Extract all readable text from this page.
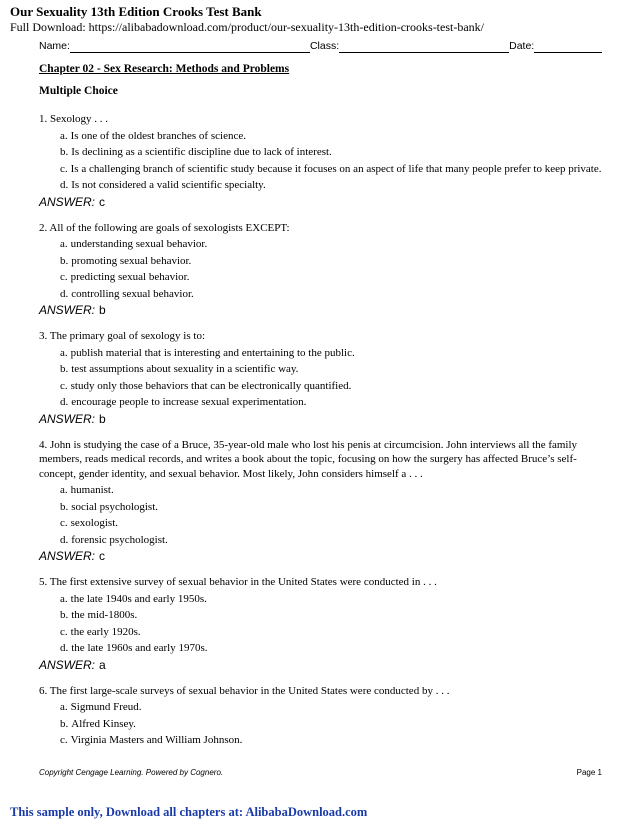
Our Sexuality 13th Edition Crooks Test Bank
Full Download: https://alibabadownload.com/product/our-sexuality-13th-edition-crooks-test-bank/
Name:	Class:	Date:
Chapter 02 - Sex Research: Methods and Problems
Multiple Choice
1. Sexology . . .
a. Is one of the oldest branches of science.
b. Is declining as a scientific discipline due to lack of interest.
c. Is a challenging branch of scientific study because it focuses on an aspect of life that many people prefer to keep private.
d. Is not considered a valid scientific specialty.
ANSWER: c
2. All of the following are goals of sexologists EXCEPT:
a. understanding sexual behavior.
b. promoting sexual behavior.
c. predicting sexual behavior.
d. controlling sexual behavior.
ANSWER: b
3. The primary goal of sexology is to:
a. publish material that is interesting and entertaining to the public.
b. test assumptions about sexuality in a scientific way.
c. study only those behaviors that can be electronically quantified.
d. encourage people to increase sexual experimentation.
ANSWER: b
4. John is studying the case of a Bruce, 35-year-old male who lost his penis at circumcision. John interviews all the family members, reads medical records, and writes a book about the topic, focusing on how the surgery has affected Bruce’s self-concept, gender identity, and sexual behavior. Most likely, John considers himself a . . .
a. humanist.
b. social psychologist.
c. sexologist.
d. forensic psychologist.
ANSWER: c
5. The first extensive survey of sexual behavior in the United States were conducted in . . .
a. the late 1940s and early 1950s.
b. the mid-1800s.
c. the early 1920s.
d. the late 1960s and early 1970s.
ANSWER: a
6. The first large-scale surveys of sexual behavior in the United States were conducted by . . .
a. Sigmund Freud.
b. Alfred Kinsey.
c. Virginia Masters and William Johnson.
Copyright Cengage Learning. Powered by Cognero.	Page 1
This sample only, Download all chapters at: AlibabaDownload.com
